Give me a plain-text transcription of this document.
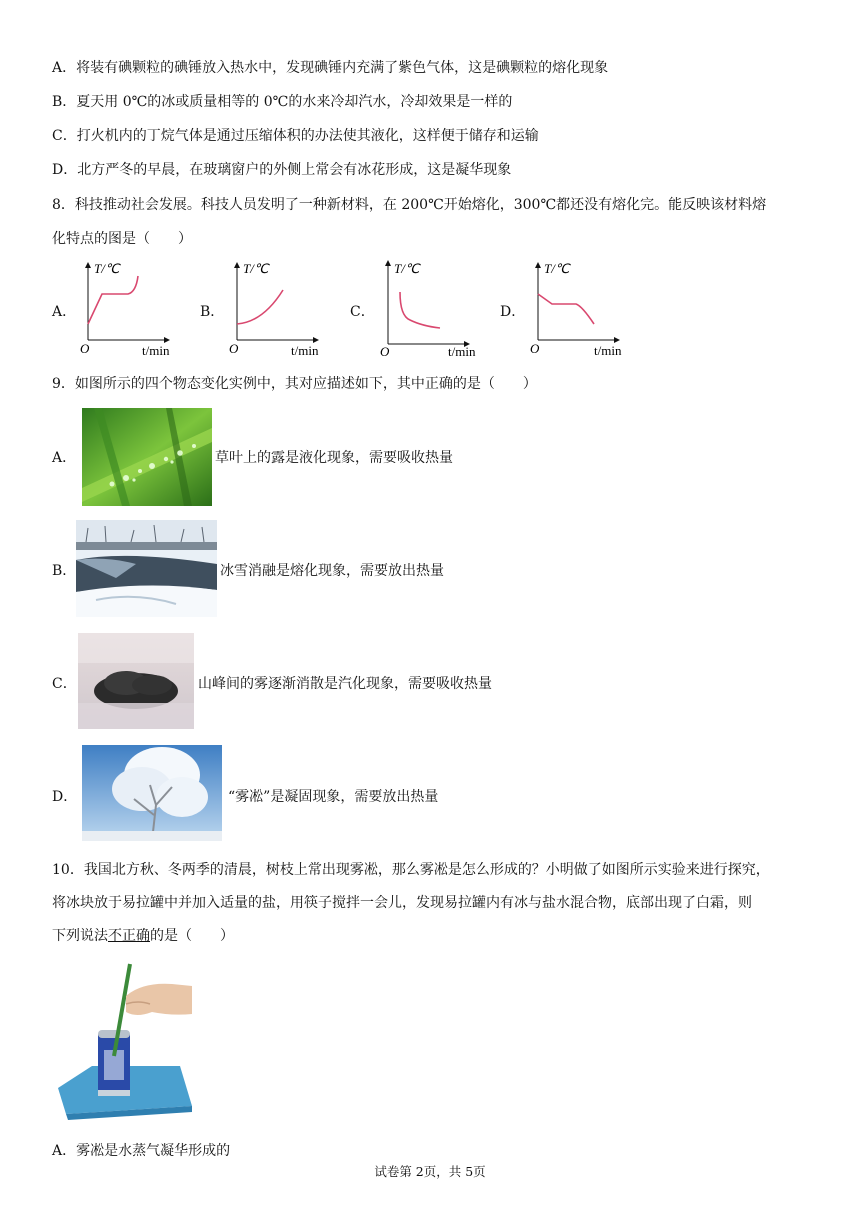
A．将装有碘颗粒的碘锤放入热水中，发现碘锤内充满了紫色气体，这是碘颗粒的熔化现象
B．夏天用 0℃的冰或质量相等的 0℃的水来冷却汽水，冷却效果是一样的
C．打火机内的丁烷气体是通过压缩体积的办法使其液化，这样便于储存和运输
D．北方严冬的早晨，在玻璃窗户的外侧上常会有冰花形成，这是凝华现象
8．科技推动社会发展。科技人员发明了一种新材料，在 200℃开始熔化，300℃都还没有熔化完。能反映该材料熔
化特点的图是（　　）
A．
T/℃
O	t/min
B．
T/℃
O	t/min
C．
T/℃
O	t/min
D．
T/℃
O	t/min
9．如图所示的四个物态变化实例中，其对应描述如下，其中正确的是（　　）
A．	草叶上的露是液化现象，需要吸收热量
B．	冰雪消融是熔化现象，需要放出热量
C．	山峰间的雾逐渐消散是汽化现象，需要吸收热量
D．	“雾凇”是凝固现象，需要放出热量
10．我国北方秋、冬两季的清晨，树枝上常出现雾凇，那么雾凇是怎么形成的？小明做了如图所示实验来进行探究，
将冰块放于易拉罐中并加入适量的盐，用筷子搅拌一会儿，发现易拉罐内有冰与盐水混合物，底部出现了白霜，则
下列说法不正确的是（　　）
A．雾凇是水蒸气凝华形成的
试卷第 2页，共 5页
